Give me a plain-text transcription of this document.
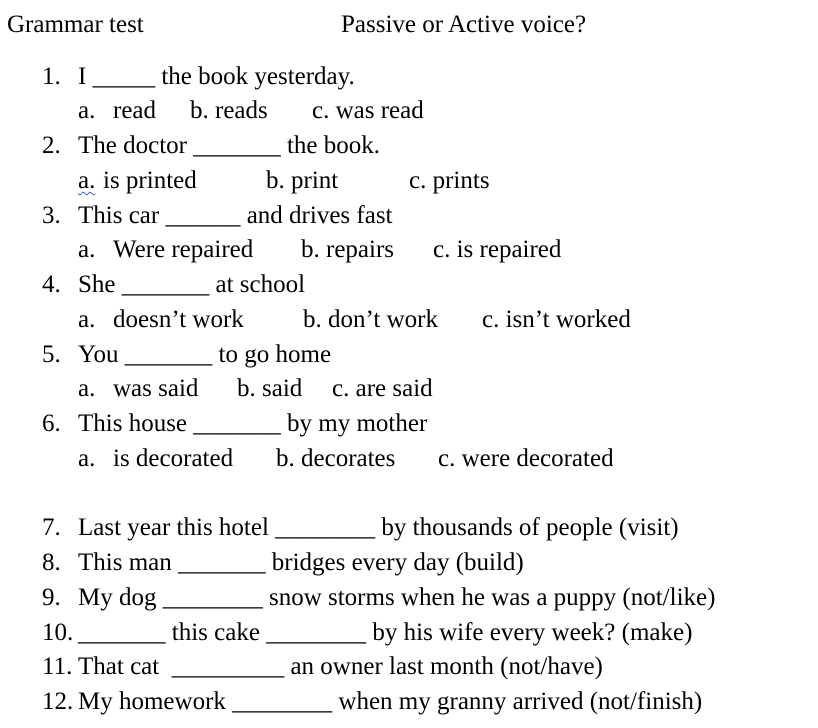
Grammar test	Passive or Active voice?
1. I _____ the book yesterday.
a. read b. reads c. was read
2. The doctor _______ the book.
a. is printed	b. print	c. prints
3. This car ______ and drives fast
a. Were repaired b. repairs c. is repaired
4. She _______ at school
a. doesn’t work b. don’t work c. isn’t worked
5. You _______ to go home
a. was said b. said c. are said
6. This house _______ by my mother
a. is decorated b. decorates c. were decorated
7. Last year this hotel ________ by thousands of people (visit)
8. This man _______ bridges every day (build)
9. My dog ________ snow storms when he was a puppy (not/like)
10. _______ this cake ________ by his wife every week? (make)
11. That cat  _________ an owner last month (not/have)
12. My homework ________ when my granny arrived (not/finish)
